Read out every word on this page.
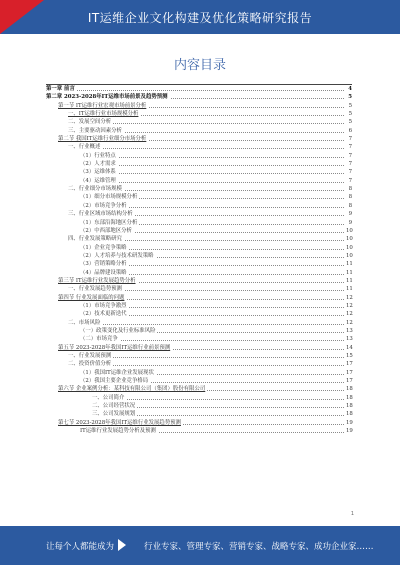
IT运维企业文化构建及优化策略研究报告
内容目录
第一章 前言	4
第二章 2023-2028年IT运维市场前景及趋势预测	5
第一节 IT运维行业宏观市场前景分析	5
一、IT运维行业市场规模分析	5
二、发展空间分析	5
三、主要驱动因素分析	6
第二节 我国IT运维行业细分市场分析	7
一、行业概述	7
（1）行业特点	7
（2）人才需求	7
（3）运维体系	7
（4）运维管理	7
二、行业细分市场规模	8
（1）细分市场规模分析	8
（2）市场竞争分析	8
三、行业区域市场结构分析	9
（1）东部沿海地区分析	9
（2）中西部地区分析	10
四、行业发展策略研究	10
（1）企业竞争策略	10
（2）人才培养与技术研发策略	10
（3）营销策略分析	11
（4）品牌建设策略	11
第三节 IT运维行业发展趋势分析	11
一、行业发展趋势预测	11
第四节 行业发展面临的问题	12
（1）市场竞争激烈	12
（2）技术更新迭代	12
二、市场风险	12
（一）政策变化及行业标准风险	13
（二）市场竞争	13
第五节 2023-2028年我国IT运维行业前景预测	14
一、行业发展预测	15
二、投资价值分析	17
（1）我国IT运维企业发展现状	17
（2）我国主要企业竞争格局	17
第六节 企业案例分析：某科技有限公司（集团）股份有限公司	18
一、公司简介	18
二、公司经营状况	18
三、公司发展规划	18
第七节 2023-2028年我国IT运维行业发展趋势预测	19
IT运维行业发展趋势分析及预测	19
1
让每个人都能成为	行业专家、管理专家、营销专家、战略专家、成功企业家……
